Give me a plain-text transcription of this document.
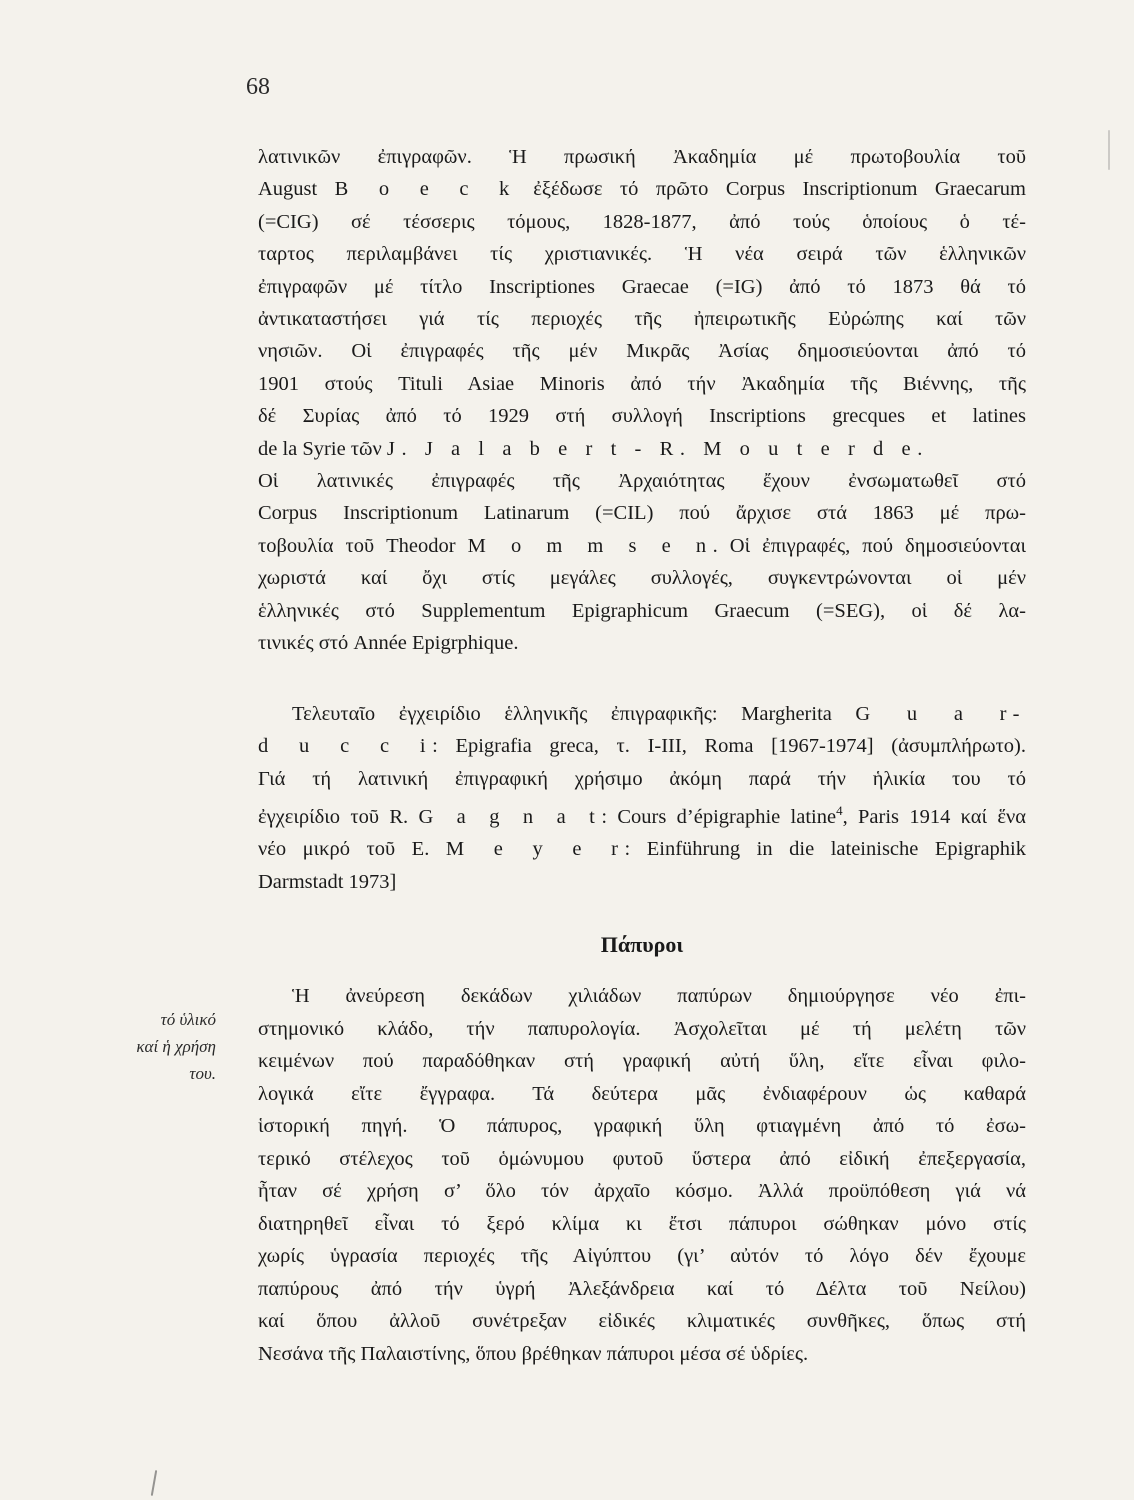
68
λατινικῶν ἐπιγραφῶν. Ἡ πρωσική Ἀκαδημία μέ πρωτοβουλία τοῦ
August B o e c k ἐξέδωσε τό πρῶτο Corpus Inscriptionum Graecarum
(=CIG) σέ τέσσερις τόμους, 1828-1877, ἀπό τούς ὁποίους ὁ τέ-
ταρτος περιλαμβάνει τίς χριστιανικές. Ἡ νέα σειρά τῶν ἑλληνικῶν
ἐπιγραφῶν μέ τίτλο Inscriptiones Graecae (=IG) ἀπό τό 1873 θά τό
ἀντικαταστήσει γιά τίς περιοχές τῆς ἠπειρωτικῆς Εὐρώπης καί τῶν
νησιῶν. Οἱ ἐπιγραφές τῆς μέν Μικρᾶς Ἀσίας δημοσιεύονται ἀπό τό
1901 στούς Tituli Asiae Minoris ἀπό τήν Ἀκαδημία τῆς Βιέννης, τῆς
δέ Συρίας ἀπό τό 1929 στή συλλογή Inscriptions grecques et latines
de la Syrie τῶν J. J a l a b e r t - R. M o u t e r d e.
Οἱ λατινικές ἐπιγραφές τῆς Ἀρχαιότητας ἔχουν ἐνσωματωθεῖ στό
Corpus Inscriptionum Latinarum (=CIL) πού ἄρχισε στά 1863 μέ πρω-
τοβουλία τοῦ Theodor M o m m s e n. Οἱ ἐπιγραφές, πού δημοσιεύονται
χωριστά καί ὄχι στίς μεγάλες συλλογές, συγκεντρώνονται οἱ μέν
ἑλληνικές στό Supplementum Epigraphicum Graecum (=SEG), οἱ δέ λα-
τινικές στό Année Epigrphique.
Τελευταῖο ἐγχειρίδιο ἑλληνικῆς ἐπιγραφικῆς: Margherita G u a r-
d u c c i: Epigrafia greca, τ. I-III, Roma [1967-1974] (ἀσυμπλήρωτο).
Γιά τή λατινική ἐπιγραφική χρήσιμο ἀκόμη παρά τήν ἡλικία του τό
ἐγχειρίδιο τοῦ R. G a g n a t: Cours d’épigraphie latine$^4$, Paris 1914 καί ἕνα
νέο μικρό τοῦ E. M e y e r: Einführung in die lateinische Epigraphik
Darmstadt 1973]
Πάπυροι
τό ὑλικό
καί ἡ χρήση
του.
Ἡ ἀνεύρεση δεκάδων χιλιάδων παπύρων δημιούργησε νέο ἐπι-
στημονικό κλάδο, τήν παπυρολογία. Ἀσχολεῖται μέ τή μελέτη τῶν
κειμένων πού παραδόθηκαν στή γραφική αὐτή ὕλη, εἴτε εἶναι φιλο-
λογικά εἴτε ἔγγραφα. Τά δεύτερα μᾶς ἐνδιαφέρουν ὡς καθαρά
ἱστορική πηγή. Ὁ πάπυρος, γραφική ὕλη φτιαγμένη ἀπό τό ἐσω-
τερικό στέλεχος τοῦ ὁμώνυμου φυτοῦ ὕστερα ἀπό εἰδική ἐπεξεργασία,
ἦταν σέ χρήση σ’ ὅλο τόν ἀρχαῖο κόσμο. Ἀλλά προϋπόθεση γιά νά
διατηρηθεῖ εἶναι τό ξερό κλίμα κι ἔτσι πάπυροι σώθηκαν μόνο στίς
χωρίς ὑγρασία περιοχές τῆς Αἰγύπτου (γι’ αὐτόν τό λόγο δέν ἔχουμε
παπύρους ἀπό τήν ὑγρή Ἀλεξάνδρεια καί τό Δέλτα τοῦ Νείλου)
καί ὅπου ἀλλοῦ συνέτρεξαν εἰδικές κλιματικές συνθῆκες, ὅπως στή
Νεσάνα τῆς Παλαιστίνης, ὅπου βρέθηκαν πάπυροι μέσα σέ ὑδρίες.
